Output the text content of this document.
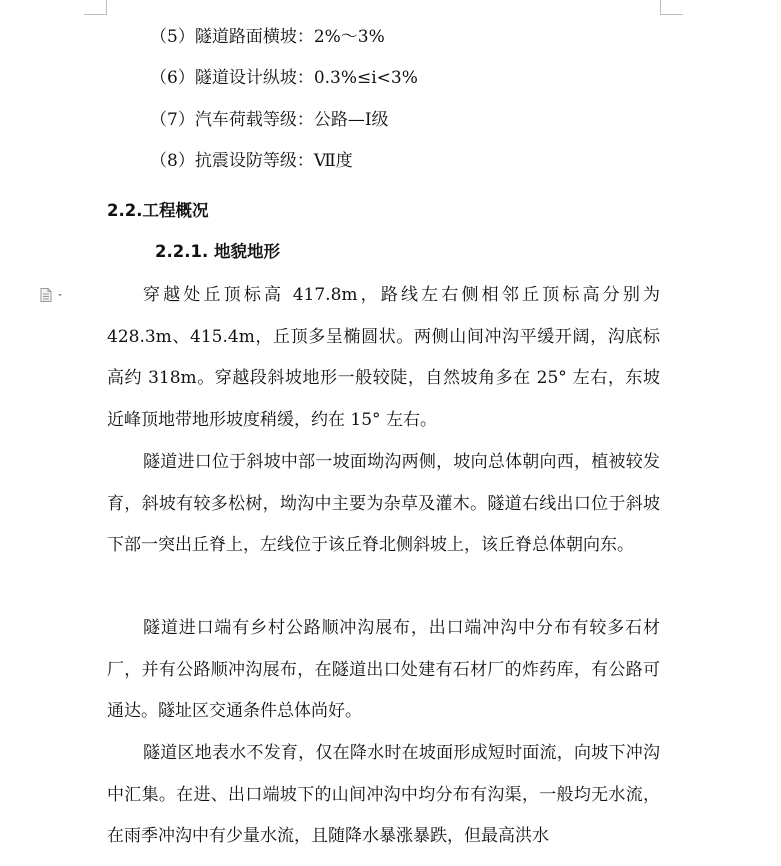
（5）隧道路面横坡：2%～3%
（6）隧道设计纵坡：0.3%≤i<3%
（7）汽车荷载等级：公路—Ⅰ级
（8）抗震设防等级：Ⅶ度
2.2.工程概况
2.2.1. 地貌地形

穿越处丘顶标高 417.8m，路线左右侧相邻丘顶标高分别为 428.3m、415.4m，丘顶多呈椭圆状。两侧山间冲沟平缓开阔，沟底标高约 318m。穿越段斜坡地形一般较陡，自然坡角多在 25° 左右，东坡近峰顶地带地形坡度稍缓，约在 15° 左右。

隧道进口位于斜坡中部一坡面坳沟两侧，坡向总体朝向西，植被较发育，斜坡有较多松树，坳沟中主要为杂草及灌木。隧道右线出口位于斜坡下部一突出丘脊上，左线位于该丘脊北侧斜坡上，该丘脊总体朝向东。

隧道进口端有乡村公路顺冲沟展布，出口端冲沟中分布有较多石材厂，并有公路顺冲沟展布，在隧道出口处建有石材厂的炸药库，有公路可通达。隧址区交通条件总体尚好。

隧道区地表水不发育，仅在降水时在坡面形成短时面流，向坡下冲沟中汇集。在进、出口端坡下的山间冲沟中均分布有沟渠，一般均无水流，在雨季冲沟中有少量水流，且随降水暴涨暴跌，但最高洪水
